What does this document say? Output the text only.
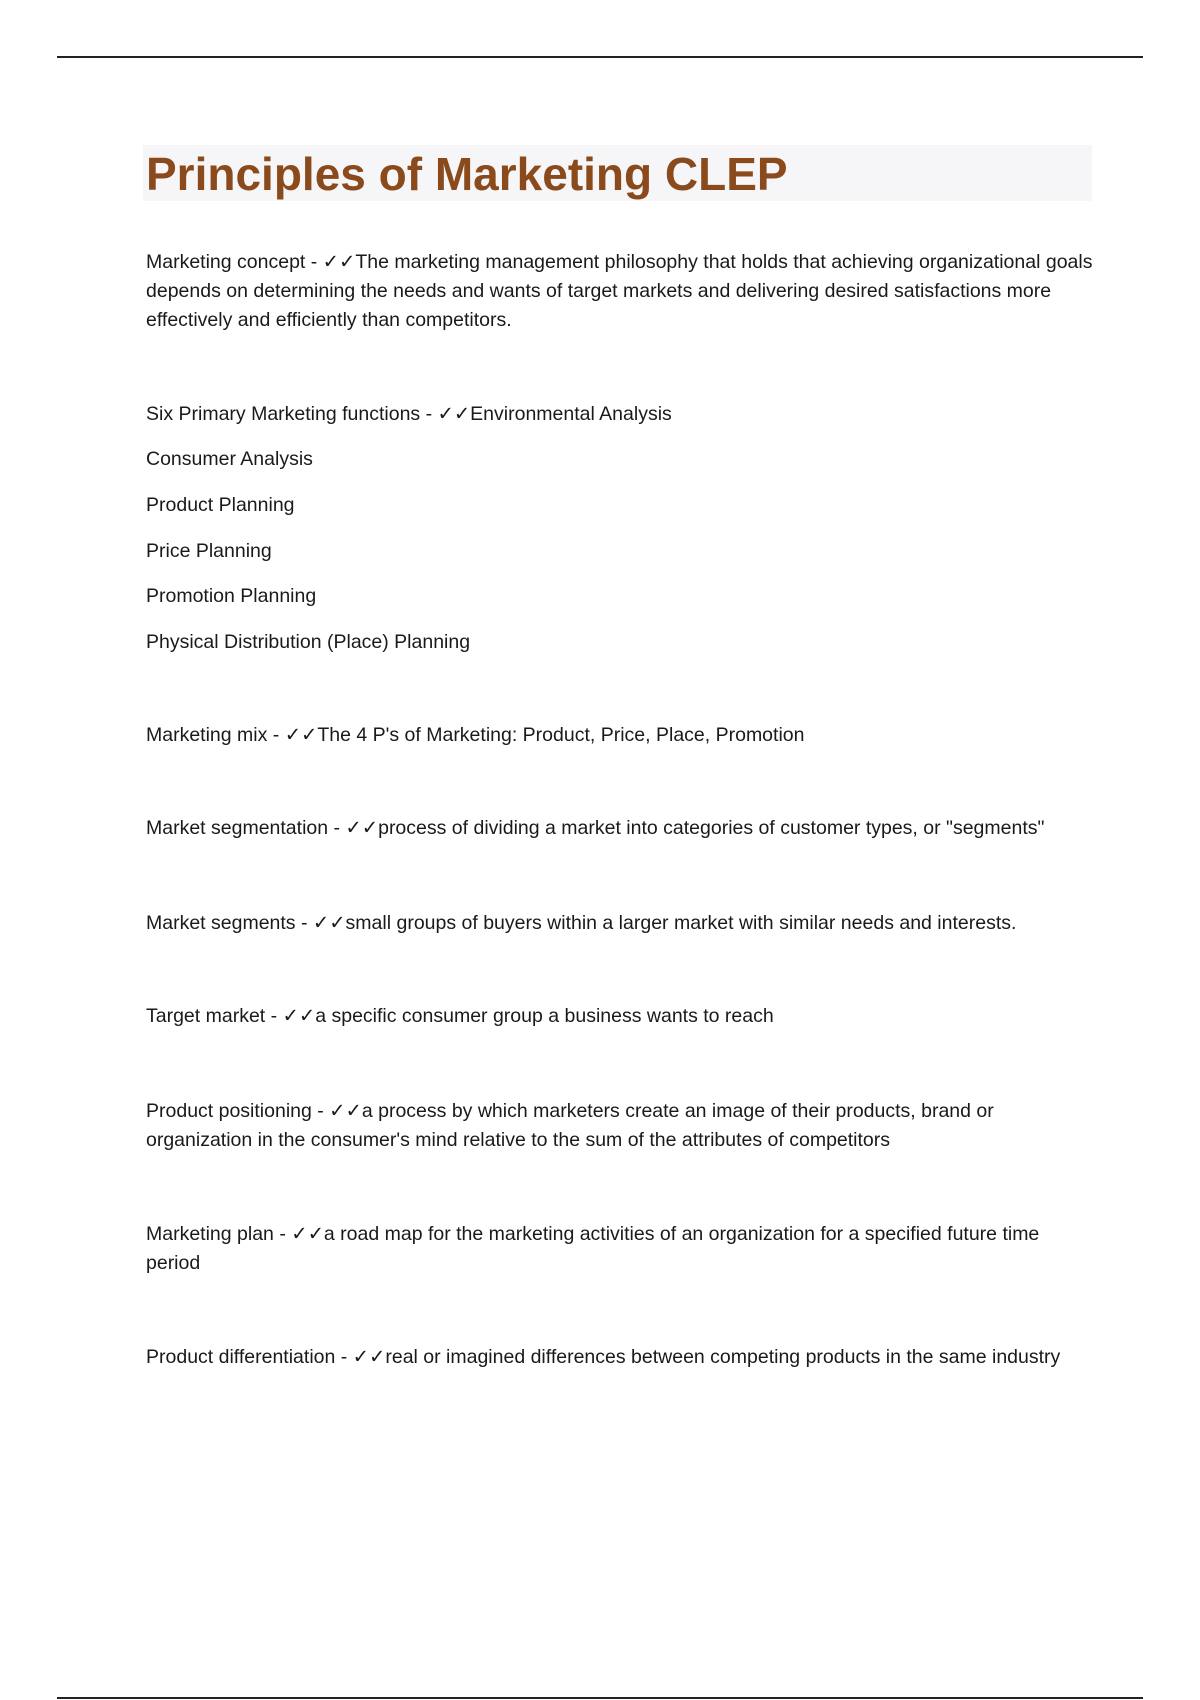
Principles of Marketing CLEP

Marketing concept - ✓✓The marketing management philosophy that holds that achieving organizational goals depends on determining the needs and wants of target markets and delivering desired satisfactions more effectively and efficiently than competitors.

Six Primary Marketing functions - ✓✓Environmental Analysis

Consumer Analysis

Product Planning

Price Planning

Promotion Planning

Physical Distribution (Place) Planning

Marketing mix - ✓✓The 4 P's of Marketing: Product, Price, Place, Promotion

Market segmentation - ✓✓process of dividing a market into categories of customer types, or "segments"

Market segments - ✓✓small groups of buyers within a larger market with similar needs and interests.

Target market - ✓✓a specific consumer group a business wants to reach

Product positioning - ✓✓a process by which marketers create an image of their products, brand or organization in the consumer's mind relative to the sum of the attributes of competitors

Marketing plan - ✓✓a road map for the marketing activities of an organization for a specified future time period

Product differentiation - ✓✓real or imagined differences between competing products in the same industry
